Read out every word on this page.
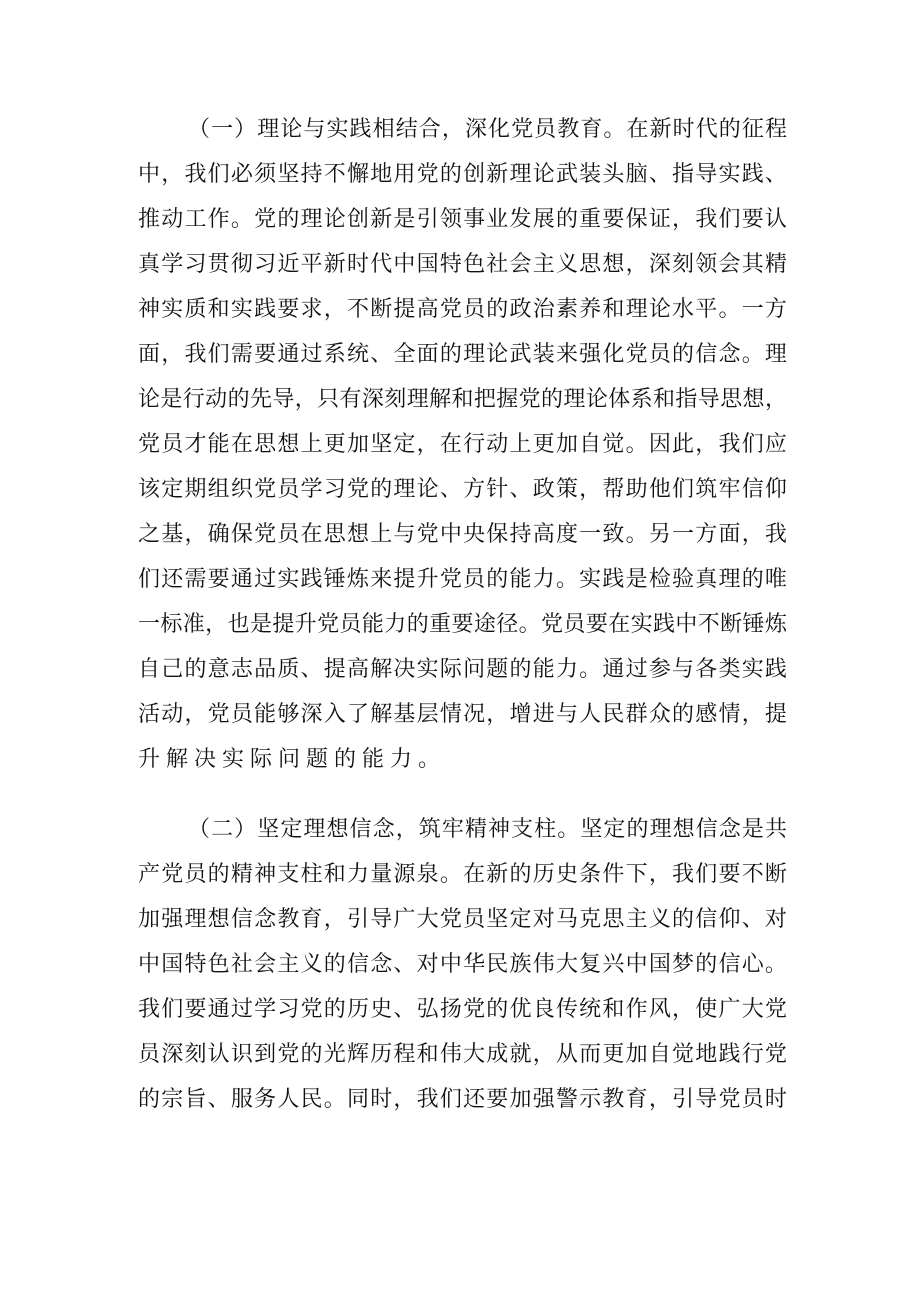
（ 一 ） 理 论 与 实 践 相 结 合 ， 深 化 党 员 教 育 。 在 新 时 代 的 征 程
中 ， 我 们 必 须 坚 持 不 懈 地 用 党 的 创 新 理 论 武 装 头 脑 、 指 导 实 践 、
推 动 工 作 。 党 的 理 论 创 新 是 引 领 事 业 发 展 的 重 要 保 证 ， 我 们 要 认
真 学 习 贯 彻 习 近 平 新 时 代 中 国 特 色 社 会 主 义 思 想 ， 深 刻 领 会 其 精
神 实 质 和 实 践 要 求 ， 不 断 提 高 党 员 的 政 治 素 养 和 理 论 水 平 。 一 方
面 ， 我 们 需 要 通 过 系 统 、 全 面 的 理 论 武 装 来 强 化 党 员 的 信 念 。 理
论 是 行 动 的 先 导 ， 只 有 深 刻 理 解 和 把 握 党 的 理 论 体 系 和 指 导 思 想 ，
党 员 才 能 在 思 想 上 更 加 坚 定 ， 在 行 动 上 更 加 自 觉 。 因 此 ， 我 们 应
该 定 期 组 织 党 员 学 习 党 的 理 论 、 方 针 、 政 策 ， 帮 助 他 们 筑 牢 信 仰
之 基 ， 确 保 党 员 在 思 想 上 与 党 中 央 保 持 高 度 一 致 。 另 一 方 面 ， 我
们 还 需 要 通 过 实 践 锤 炼 来 提 升 党 员 的 能 力 。 实 践 是 检 验 真 理 的 唯
一 标 准 ， 也 是 提 升 党 员 能 力 的 重 要 途 径 。 党 员 要 在 实 践 中 不 断 锤 炼
自 己 的 意 志 品 质 、 提 高 解 决 实 际 问 题 的 能 力 。 通 过 参 与 各 类 实 践
活 动 ， 党 员 能 够 深 入 了 解 基 层 情 况 ， 增 进 与 人 民 群 众 的 感 情 ， 提
升解决实际问题的能力。
（ 二 ） 坚 定 理 想 信 念 ， 筑 牢 精 神 支 柱 。 坚 定 的 理 想 信 念 是 共
产 党 员 的 精 神 支 柱 和 力 量 源 泉 。 在 新 的 历 史 条 件 下 ， 我 们 要 不 断
加 强 理 想 信 念 教 育 ， 引 导 广 大 党 员 坚 定 对 马 克 思 主 义 的 信 仰 、 对
中 国 特 色 社 会 主 义 的 信 念 、 对 中 华 民 族 伟 大 复 兴 中 国 梦 的 信 心 。
我 们 要 通 过 学 习 党 的 历 史 、 弘 扬 党 的 优 良 传 统 和 作 风 ， 使 广 大 党
员 深 刻 认 识 到 党 的 光 辉 历 程 和 伟 大 成 就 ， 从 而 更 加 自 觉 地 践 行 党
的 宗 旨 、 服 务 人 民 。 同 时 ， 我 们 还 要 加 强 警 示 教 育 ， 引 导 党 员 时
